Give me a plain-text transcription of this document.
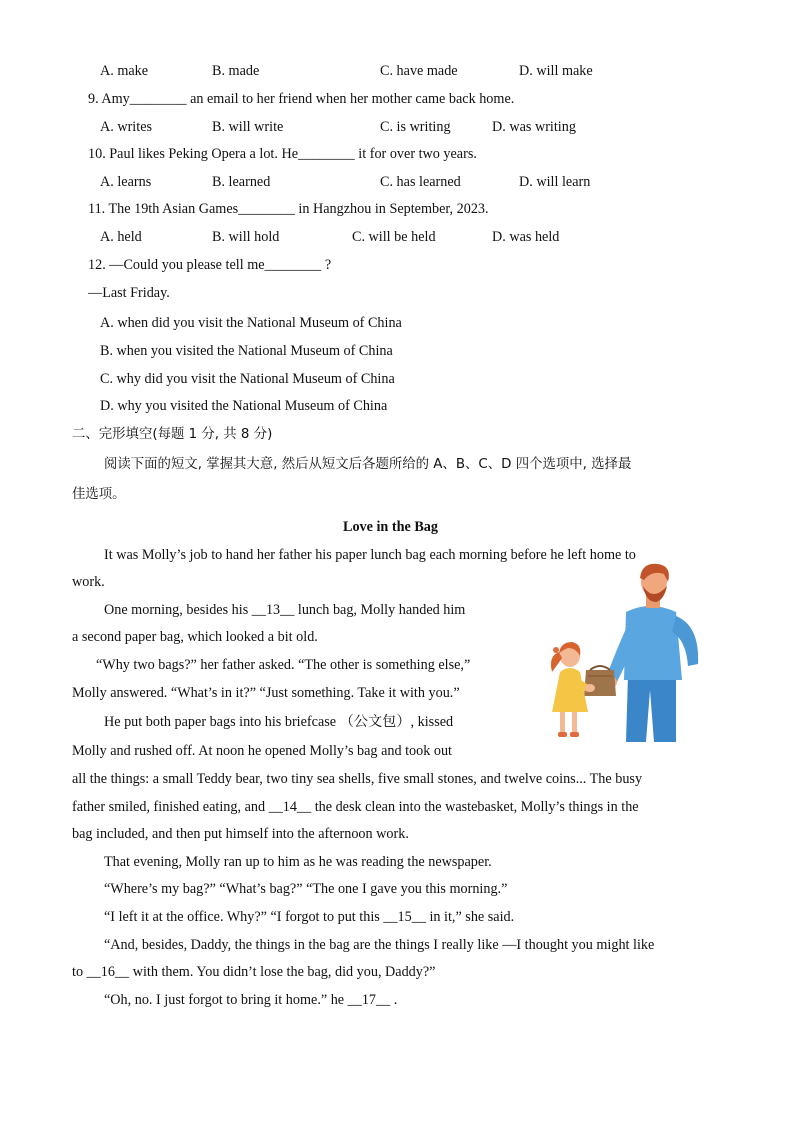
A. make	B. made	C. have made	D. will make
9. Amy________ an email to her friend when her mother came back home.
A. writes	B. will write	C. is writing	D. was writing
10. Paul likes Peking Opera a lot. He________ it for over two years.
A. learns	B. learned	C. has learned	D. will learn
11. The 19th Asian Games________ in Hangzhou in September, 2023.
A. held	B. will hold	C. will be held	D. was held
12. —Could you please tell me________ ?
—Last Friday.
A. when did you visit the National Museum of China
B. when you visited the National Museum of China
C. why did you visit the National Museum of China
D. why you visited the National Museum of China
二、完形填空(每题 1 分, 共 8 分)
阅读下面的短文, 掌握其大意, 然后从短文后各题所给的 A、B、C、D 四个选项中, 选择最
佳选项。
Love in the Bag
It was Molly’s job to hand her father his paper lunch bag each morning before he left home to
work.
One morning, besides his __13__ lunch bag, Molly handed him
a second paper bag, which looked a bit old.
“Why two bags?” her father asked. “The other is something else,”
Molly answered. “What’s in it?” “Just something. Take it with you.”
He put both paper bags into his briefcase （公文包）, kissed
Molly and rushed off. At noon he opened Molly’s bag and took out
all the things: a small Teddy bear, two tiny sea shells, five small stones, and twelve coins... The busy
father smiled, finished eating, and __14__ the desk clean into the wastebasket, Molly’s things in the
bag included, and then put himself into the afternoon work.
That evening, Molly ran up to him as he was reading the newspaper.
“Where’s my bag?” “What’s bag?” “The one I gave you this morning.”
“I left it at the office. Why?” “I forgot to put this __15__ in it,” she said.
“And, besides, Daddy, the things in the bag are the things I really like —I thought you might like
to __16__ with them. You didn’t lose the bag, did you, Daddy?”
“Oh, no. I just forgot to bring it home.” he __17__ .
